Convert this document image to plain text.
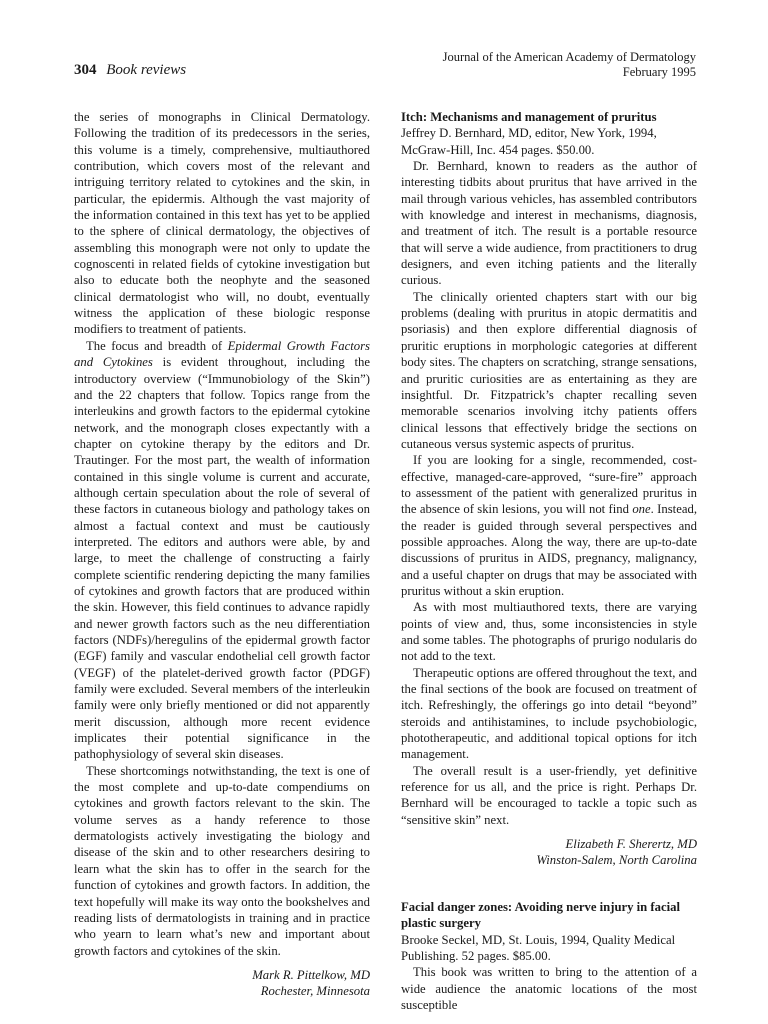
304 Book reviews
Journal of the American Academy of Dermatology
February 1995

the series of monographs in Clinical Dermatology. Following the tradition of its predecessors in the series, this volume is a timely, comprehensive, multiauthored contribution, which covers most of the relevant and intriguing territory related to cytokines and the skin, in particular, the epidermis. Although the vast majority of the information contained in this text has yet to be applied to the sphere of clinical dermatology, the objectives of assembling this monograph were not only to update the cognoscenti in related fields of cytokine investigation but also to educate both the neophyte and the seasoned clinical dermatologist who will, no doubt, eventually witness the application of these biologic response modifiers to treatment of patients.

The focus and breadth of Epidermal Growth Factors and Cytokines is evident throughout, including the introductory overview (“Immunobiology of the Skin”) and the 22 chapters that follow. Topics range from the interleukins and growth factors to the epidermal cytokine network, and the monograph closes expectantly with a chapter on cytokine therapy by the editors and Dr. Trautinger. For the most part, the wealth of information contained in this single volume is current and accurate, although certain speculation about the role of several of these factors in cutaneous biology and pathology takes on almost a factual context and must be cautiously interpreted. The editors and authors were able, by and large, to meet the challenge of constructing a fairly complete scientific rendering depicting the many families of cytokines and growth factors that are produced within the skin. However, this field continues to advance rapidly and newer growth factors such as the neu differentiation factors (NDFs)/heregulins of the epidermal growth factor (EGF) family and vascular endothelial cell growth factor (VEGF) of the platelet-derived growth factor (PDGF) family were excluded. Several members of the interleukin family were only briefly mentioned or did not apparently merit discussion, although more recent evidence implicates their potential significance in the pathophysiology of several skin diseases.

These shortcomings notwithstanding, the text is one of the most complete and up-to-date compendiums on cytokines and growth factors relevant to the skin. The volume serves as a handy reference to those dermatologists actively investigating the biology and disease of the skin and to other researchers desiring to learn what the skin has to offer in the search for the function of cytokines and growth factors. In addition, the text hopefully will make its way onto the bookshelves and reading lists of dermatologists in training and in practice who yearn to learn what’s new and important about growth factors and cytokines of the skin.

Mark R. Pittelkow, MD
Rochester, Minnesota

Itch: Mechanisms and management of pruritus

Jeffrey D. Bernhard, MD, editor, New York, 1994, McGraw-Hill, Inc. 454 pages. $50.00.

Dr. Bernhard, known to readers as the author of interesting tidbits about pruritus that have arrived in the mail through various vehicles, has assembled contributors with knowledge and interest in mechanisms, diagnosis, and treatment of itch. The result is a portable resource that will serve a wide audience, from practitioners to drug designers, and even itching patients and the literally curious.

The clinically oriented chapters start with our big problems (dealing with pruritus in atopic dermatitis and psoriasis) and then explore differential diagnosis of pruritic eruptions in morphologic categories at different body sites. The chapters on scratching, strange sensations, and pruritic curiosities are as entertaining as they are insightful. Dr. Fitzpatrick’s chapter recalling seven memorable scenarios involving itchy patients offers clinical lessons that effectively bridge the sections on cutaneous versus systemic aspects of pruritus.

If you are looking for a single, recommended, cost-effective, managed-care-approved, “sure-fire” approach to assessment of the patient with generalized pruritus in the absence of skin lesions, you will not find one. Instead, the reader is guided through several perspectives and possible approaches. Along the way, there are up-to-date discussions of pruritus in AIDS, pregnancy, malignancy, and a useful chapter on drugs that may be associated with pruritus without a skin eruption.

As with most multiauthored texts, there are varying points of view and, thus, some inconsistencies in style and some tables. The photographs of prurigo nodularis do not add to the text.

Therapeutic options are offered throughout the text, and the final sections of the book are focused on treatment of itch. Refreshingly, the offerings go into detail “beyond” steroids and antihistamines, to include psychobiologic, phototherapeutic, and additional topical options for itch management.

The overall result is a user-friendly, yet definitive reference for us all, and the price is right. Perhaps Dr. Bernhard will be encouraged to tackle a topic such as “sensitive skin” next.

Elizabeth F. Sherertz, MD
Winston-Salem, North Carolina

Facial danger zones: Avoiding nerve injury in facial plastic surgery

Brooke Seckel, MD, St. Louis, 1994, Quality Medical Publishing. 52 pages. $85.00.

This book was written to bring to the attention of a wide audience the anatomic locations of the most susceptible
